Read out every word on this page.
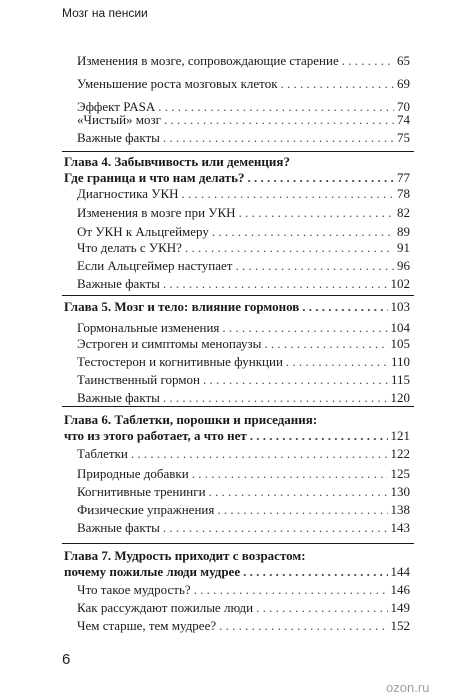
Мозг на пенсии
Изменения в мозге, сопровождающие старение . . .	65
Уменьшение роста мозговых клеток . . .	69
Эффект PASA . . .	70
«Чистый» мозг . . .	74
Важные факты . . .	75
Глава 4. Забывчивость или деменция?
Где граница и что нам делать? . . .	77
Диагностика УКН . . .	78
Изменения в мозге при УКН . . .	82
От УКН к Альцгеймеру . . .	89
Что делать с УКН? . . .	91
Если Альцгеймер наступает . . .	96
Важные факты . . .	102
Глава 5. Мозг и тело: влияние гормонов . . .	103
Гормональные изменения . . .	104
Эстроген и симптомы менопаузы . . .	105
Тестостерон и когнитивные функции . . .	110
Таинственный гормон . . .	115
Важные факты . . .	120
Глава 6. Таблетки, порошки и приседания:
что из этого работает, а что нет . . .	121
Таблетки . . .	122
Природные добавки . . .	125
Когнитивные тренинги . . .	130
Физические упражнения . . .	138
Важные факты . . .	143
Глава 7. Мудрость приходит с возрастом:
почему пожилые люди мудрее . . .	144
Что такое мудрость? . . .	146
Как рассуждают пожилые люди . . .	149
Чем старше, тем мудрее? . . .	152
6
ozon.ru
